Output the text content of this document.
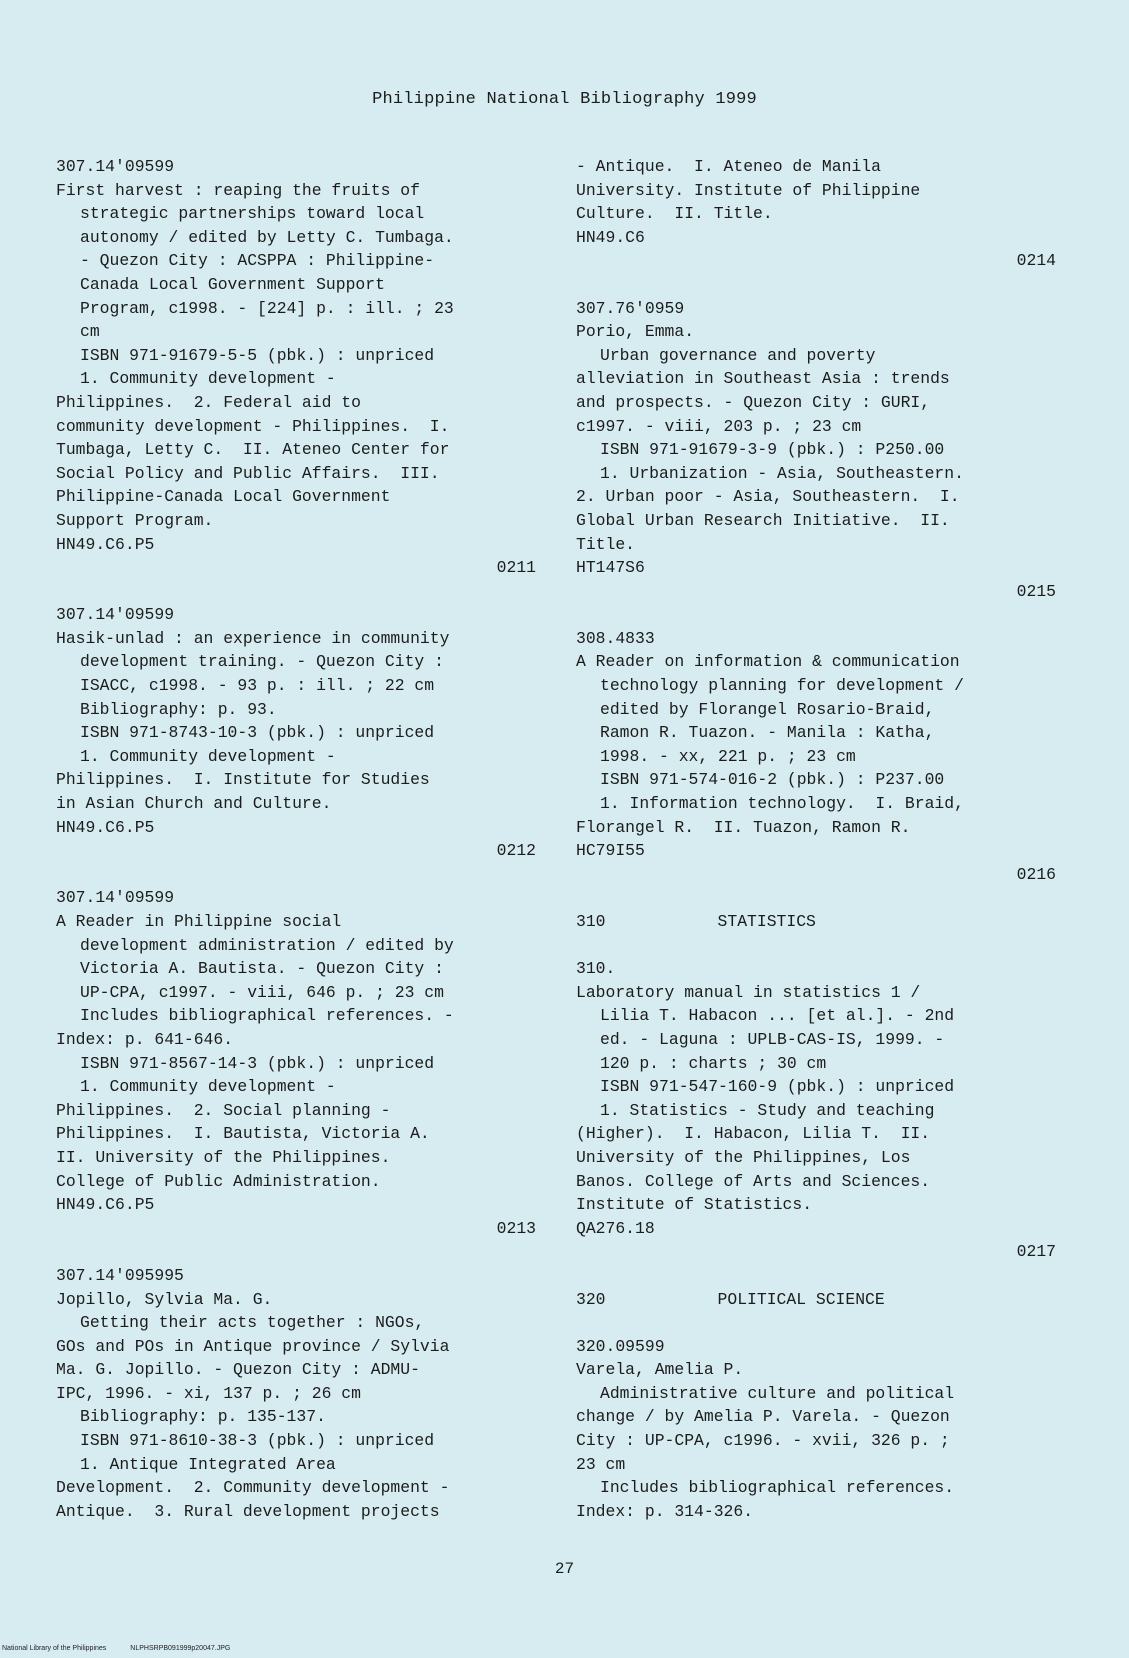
Philippine National Bibliography 1999
307.14'09599
First harvest : reaping the fruits of
strategic partnerships toward local
autonomy / edited by Letty C. Tumbaga.
- Quezon City : ACSPPA : Philippine-
Canada Local Government Support
Program, c1998. - [224] p. : ill. ; 23
cm
ISBN 971-91679-5-5 (pbk.) : unpriced
1. Community development -
Philippines.  2. Federal aid to
community development - Philippines.  I.
Tumbaga, Letty C.  II. Ateneo Center for
Social Policy and Public Affairs.  III.
Philippine-Canada Local Government
Support Program.
HN49.C6.P5
0211
307.14'09599
Hasik-unlad : an experience in community
development training. - Quezon City :
ISACC, c1998. - 93 p. : ill. ; 22 cm
Bibliography: p. 93.
ISBN 971-8743-10-3 (pbk.) : unpriced
1. Community development -
Philippines.  I. Institute for Studies
in Asian Church and Culture.
HN49.C6.P5
0212
307.14'09599
A Reader in Philippine social
development administration / edited by
Victoria A. Bautista. - Quezon City :
UP-CPA, c1997. - viii, 646 p. ; 23 cm
Includes bibliographical references. -
Index: p. 641-646.
ISBN 971-8567-14-3 (pbk.) : unpriced
1. Community development -
Philippines.  2. Social planning -
Philippines.  I. Bautista, Victoria A.
II. University of the Philippines.
College of Public Administration.
HN49.C6.P5
0213
307.14'095995
Jopillo, Sylvia Ma. G.
Getting their acts together : NGOs,
GOs and POs in Antique province / Sylvia
Ma. G. Jopillo. - Quezon City : ADMU-
IPC, 1996. - xi, 137 p. ; 26 cm
Bibliography: p. 135-137.
ISBN 971-8610-38-3 (pbk.) : unpriced
1. Antique Integrated Area
Development.  2. Community development -
Antique.  3. Rural development projects
- Antique.  I. Ateneo de Manila
University. Institute of Philippine
Culture.  II. Title.
HN49.C6
0214
307.76'0959
Porio, Emma.
Urban governance and poverty
alleviation in Southeast Asia : trends
and prospects. - Quezon City : GURI,
c1997. - viii, 203 p. ; 23 cm
ISBN 971-91679-3-9 (pbk.) : P250.00
1. Urbanization - Asia, Southeastern.
2. Urban poor - Asia, Southeastern.  I.
Global Urban Research Initiative.  II.
Title.
HT147S6
0215
308.4833
A Reader on information & communication
technology planning for development /
edited by Florangel Rosario-Braid,
Ramon R. Tuazon. - Manila : Katha,
1998. - xx, 221 p. ; 23 cm
ISBN 971-574-016-2 (pbk.) : P237.00
1. Information technology.  I. Braid,
Florangel R.  II. Tuazon, Ramon R.
HC79I55
0216
310	STATISTICS
310.
Laboratory manual in statistics 1 /
Lilia T. Habacon ... [et al.]. - 2nd
ed. - Laguna : UPLB-CAS-IS, 1999. -
120 p. : charts ; 30 cm
ISBN 971-547-160-9 (pbk.) : unpriced
1. Statistics - Study and teaching
(Higher).  I. Habacon, Lilia T.  II.
University of the Philippines, Los
Banos. College of Arts and Sciences.
Institute of Statistics.
QA276.18
0217
320	POLITICAL SCIENCE
320.09599
Varela, Amelia P.
Administrative culture and political
change / by Amelia P. Varela. - Quezon
City : UP-CPA, c1996. - xvii, 326 p. ;
23 cm
Includes bibliographical references.
Index: p. 314-326.
27
National Library of the Philippines	NLPHSRPB091999p20047.JPG
